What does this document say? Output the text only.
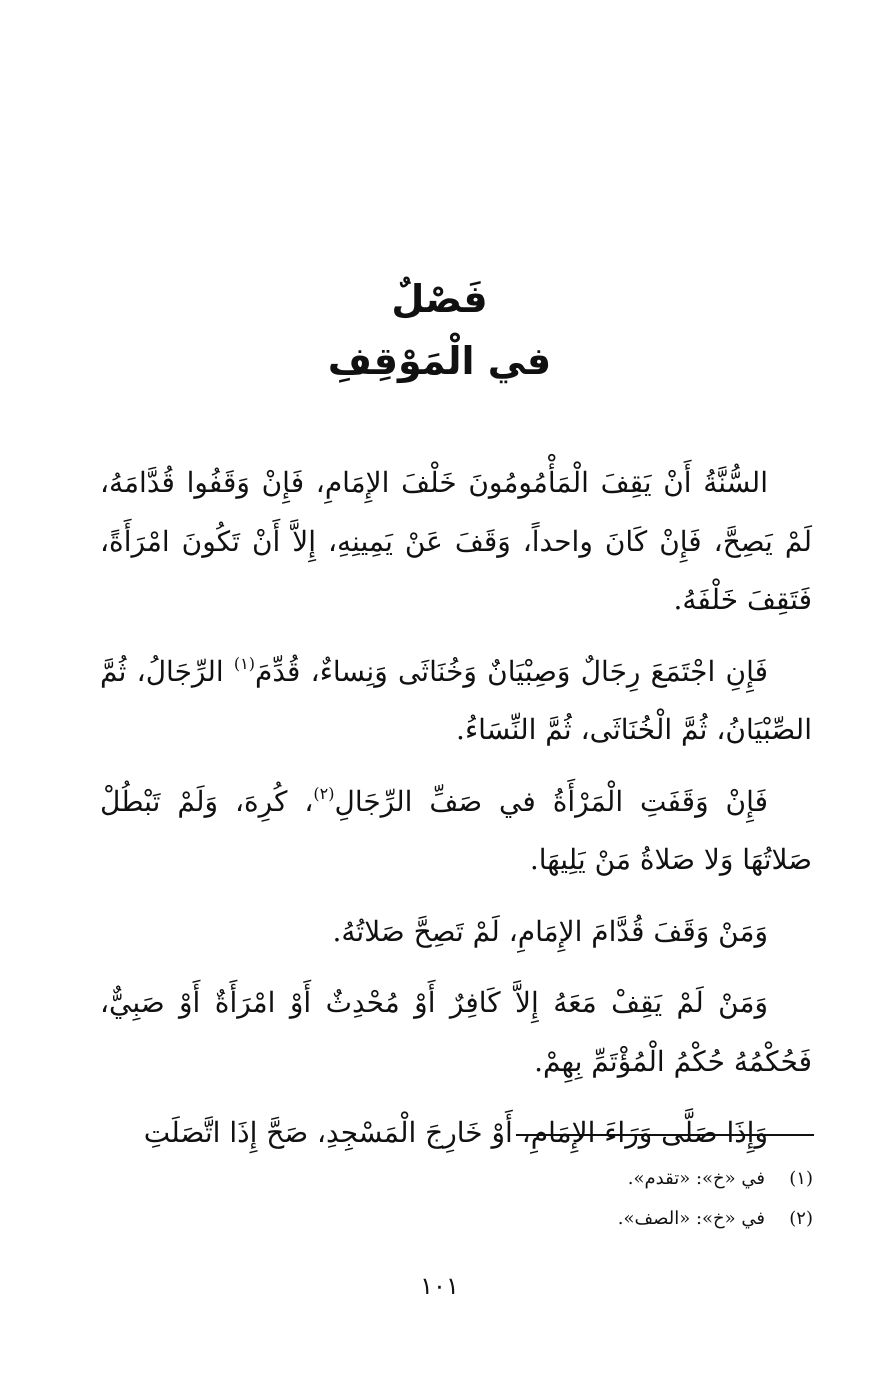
فَصْلٌ
في الْمَوْقِفِ

السُّنَّةُ أَنْ يَقِفَ الْمَأْمُومُونَ خَلْفَ الإِمَامِ، فَإِنْ وَقَفُوا قُدَّامَهُ، لَمْ يَصِحَّ، فَإِنْ كَانَ واحداً، وَقَفَ عَنْ يَمِينِهِ، إِلاَّ أَنْ تَكُونَ امْرَأَةً، فَتَقِفَ خَلْفَهُ.

فَإِنِ اجْتَمَعَ رِجَالٌ وَصِبْيَانٌ وَخُنَاثَى وَنِساءٌ، قُدِّمَ$^{(١)}$ الرِّجَالُ، ثُمَّ الصِّبْيَانُ، ثُمَّ الْخُنَاثَى، ثُمَّ النِّسَاءُ.

فَإِنْ وَقَفَتِ الْمَرْأَةُ في صَفِّ الرِّجَالِ$^{(٢)}$، كُرِهَ، وَلَمْ تَبْطُلْ صَلاتُهَا وَلا صَلاةُ مَنْ يَلِيهَا.

وَمَنْ وَقَفَ قُدَّامَ الإِمَامِ، لَمْ تَصِحَّ صَلاتُهُ.

وَمَنْ لَمْ يَقِفْ مَعَهُ إِلاَّ كَافِرٌ أَوْ مُحْدِثٌ أَوْ امْرَأَةٌ أَوْ صَبِيٌّ، فَحُكْمُهُ حُكْمُ الْمُؤْتَمِّ بِهِمْ.

وَإِذَا صَلَّى وَرَاءَ الإِمَامِ، أَوْ خَارِجَ الْمَسْجِدِ، صَحَّ إِذَا اتَّصَلَتِ

(١)في «خ»: «تقدم».
(٢)في «خ»: «الصف».
١٠١
